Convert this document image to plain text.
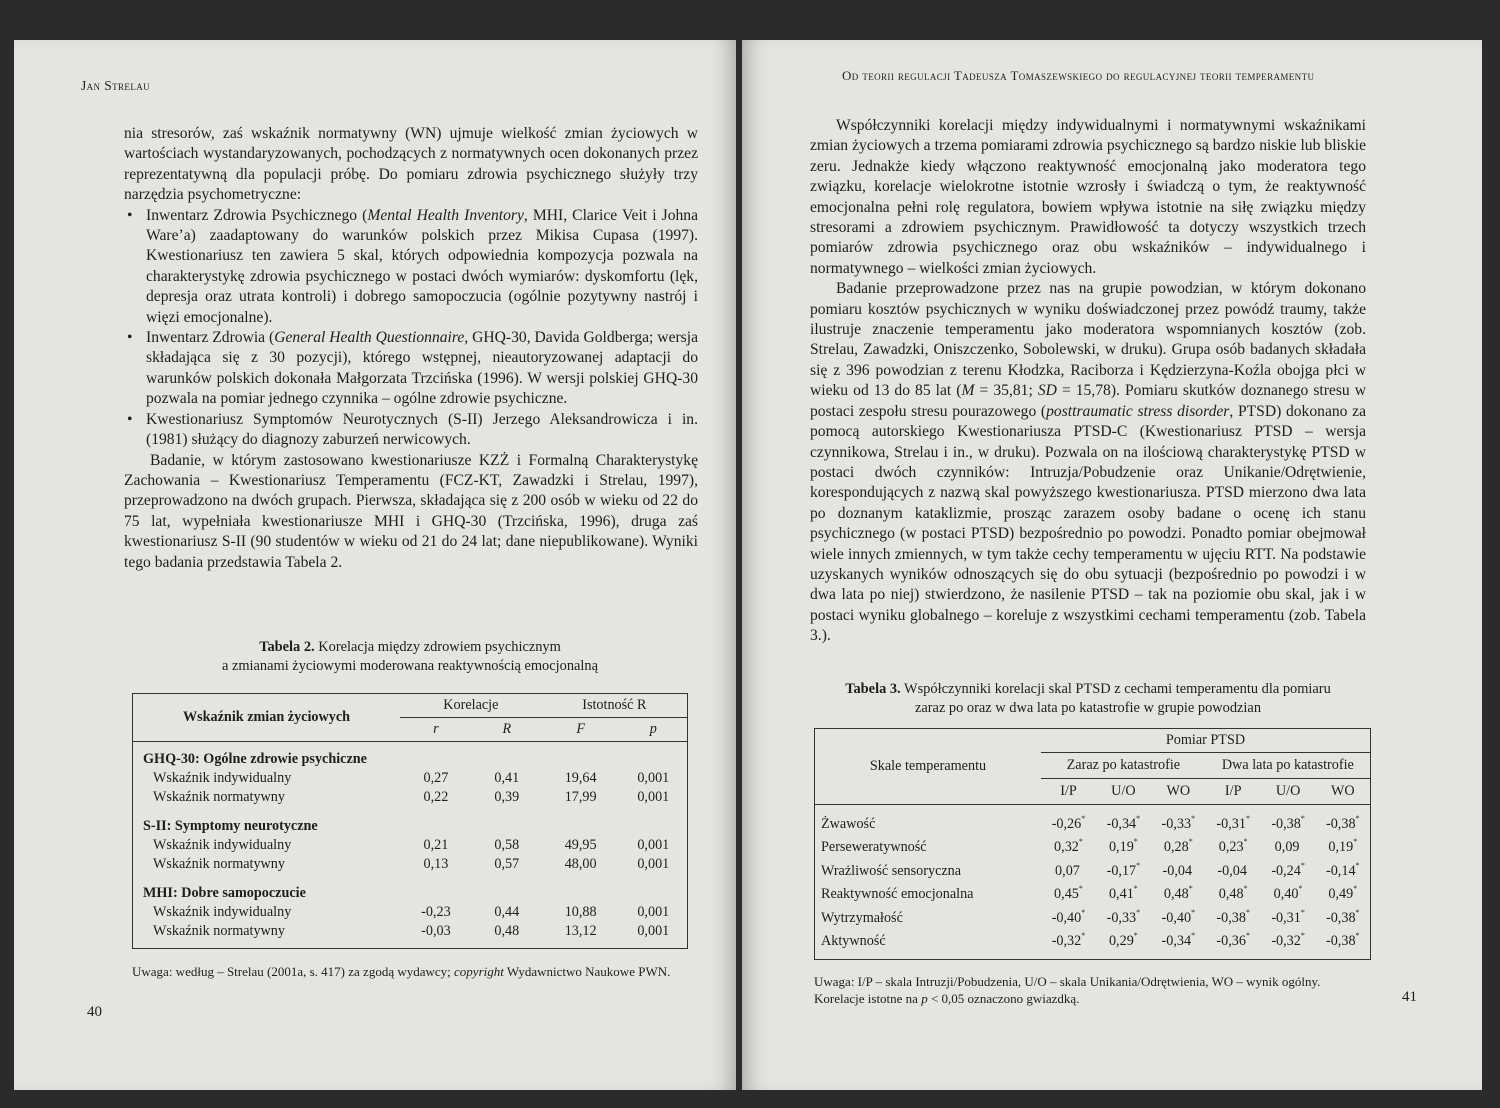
Jan Strelau

nia stresorów, zaś wskaźnik normatywny (WN) ujmuje wielkość zmian życiowych w wartościach wystandaryzowanych, pochodzących z normatywnych ocen dokonanych przez reprezentatywną dla populacji próbę. Do pomiaru zdrowia psychicznego służyły trzy narzędzia psychometryczne:

• Inwentarz Zdrowia Psychicznego (Mental Health Inventory, MHI, Clarice Veit i Johna Ware’a) zaadaptowany do warunków polskich przez Mikisa Cupasa (1997). Kwestionariusz ten zawiera 5 skal, których odpowiednia kompozycja pozwala na charakterystykę zdrowia psychicznego w postaci dwóch wymiarów: dyskomfortu (lęk, depresja oraz utrata kontroli) i dobrego samopoczucia (ogólnie pozytywny nastrój i więzi emocjonalne).
• Inwentarz Zdrowia (General Health Questionnaire, GHQ-30, Davida Goldberga; wersja składająca się z 30 pozycji), którego wstępnej, nieautoryzowanej adaptacji do warunków polskich dokonała Małgorzata Trzcińska (1996). W wersji polskiej GHQ-30 pozwala na pomiar jednego czynnika – ogólne zdrowie psychiczne.
• Kwestionariusz Symptomów Neurotycznych (S-II) Jerzego Aleksandrowicza i in. (1981) służący do diagnozy zaburzeń nerwicowych.

Badanie, w którym zastosowano kwestionariusze KZŻ i Formalną Charakterystykę Zachowania – Kwestionariusz Temperamentu (FCZ-KT, Zawadzki i Strelau, 1997), przeprowadzono na dwóch grupach. Pierwsza, składająca się z 200 osób w wieku od 22 do 75 lat, wypełniała kwestionariusze MHI i GHQ-30 (Trzcińska, 1996), druga zaś kwestionariusz S-II (90 studentów w wieku od 21 do 24 lat; dane niepublikowane). Wyniki tego badania przedstawia Tabela 2.

Tabela 2. Korelacja między zdrowiem psychicznym
a zmianami życiowymi moderowana reaktywnością emocjonalną
Wskaźnik zmian życiowych	Korelacje		Istotność R	
	r	R	F	p

GHQ-30: Ogólne zdrowie psychiczne				
Wskaźnik indywidualny	0,27	0,41	19,64	0,001
Wskaźnik normatywny	0,22	0,39	17,99	0,001

S-II: Symptomy neurotyczne				
Wskaźnik indywidualny	0,21	0,58	49,95	0,001
Wskaźnik normatywny	0,13	0,57	48,00	0,001

MHI: Dobre samopoczucie				
Wskaźnik indywidualny	-0,23	0,44	10,88	0,001
Wskaźnik normatywny	-0,03	0,48	13,12	0,001

Uwaga: według – Strelau (2001a, s. 417) za zgodą wydawcy; copyright Wydawnictwo Naukowe PWN.
40
Od teorii regulacji Tadeusza Tomaszewskiego do regulacyjnej teorii temperamentu

Współczynniki korelacji między indywidualnymi i normatywnymi wskaźnikami zmian życiowych a trzema pomiarami zdrowia psychicznego są bardzo niskie lub bliskie zeru. Jednakże kiedy włączono reaktywność emocjonalną jako moderatora tego związku, korelacje wielokrotne istotnie wzrosły i świadczą o tym, że reaktywność emocjonalna pełni rolę regulatora, bowiem wpływa istotnie na siłę związku między stresorami a zdrowiem psychicznym. Prawidłowość ta dotyczy wszystkich trzech pomiarów zdrowia psychicznego oraz obu wskaźników – indywidualnego i normatywnego – wielkości zmian życiowych.

Badanie przeprowadzone przez nas na grupie powodzian, w którym dokonano pomiaru kosztów psychicznych w wyniku doświadczonej przez powódź traumy, także ilustruje znaczenie temperamentu jako moderatora wspomnianych kosztów (zob. Strelau, Zawadzki, Oniszczenko, Sobolewski, w druku). Grupa osób badanych składała się z 396 powodzian z terenu Kłodzka, Raciborza i Kędzierzyna-Koźla obojga płci w wieku od 13 do 85 lat (M = 35,81; SD = 15,78). Pomiaru skutków doznanego stresu w postaci zespołu stresu pourazowego (posttraumatic stress disorder, PTSD) dokonano za pomocą autorskiego Kwestionariusza PTSD-C (Kwestionariusz PTSD – wersja czynnikowa, Strelau i in., w druku). Pozwala on na ilościową charakterystykę PTSD w postaci dwóch czynników: Intruzja/Pobudzenie oraz Unikanie/Odrętwienie, korespondujących z nazwą skal powyższego kwestionariusza. PTSD mierzono dwa lata po doznanym kataklizmie, prosząc zarazem osoby badane o ocenę ich stanu psychicznego (w postaci PTSD) bezpośrednio po powodzi. Ponadto pomiar obejmował wiele innych zmiennych, w tym także cechy temperamentu w ujęciu RTT. Na podstawie uzyskanych wyników odnoszących się do obu sytuacji (bezpośrednio po powodzi i w dwa lata po niej) stwierdzono, że nasilenie PTSD – tak na poziomie obu skal, jak i w postaci wyniku globalnego – koreluje z wszystkimi cechami temperamentu (zob. Tabela 3.).

Tabela 3. Współczynniki korelacji skal PTSD z cechami temperamentu dla pomiaru
zaraz po oraz w dwa lata po katastrofie w grupie powodzian
Skale temperamentu	Pomiar PTSD					
	Zaraz po katastrofie			Dwa lata po katastrofie		
	I/P	U/O	WO	I/P	U/O	WO

Żwawość	-0,26*	-0,34*	-0,33*	-0,31*	-0,38*	-0,38*
Perseweratywność	0,32*	0,19*	0,28*	0,23*	0,09	0,19*
Wrażliwość sensoryczna	0,07	-0,17*	-0,04	-0,04	-0,24*	-0,14*
Reaktywność emocjonalna	0,45*	0,41*	0,48*	0,48*	0,40*	0,49*
Wytrzymałość	-0,40*	-0,33*	-0,40*	-0,38*	-0,31*	-0,38*
Aktywność	-0,32*	0,29*	-0,34*	-0,36*	-0,32*	-0,38*

Uwaga: I/P – skala Intruzji/Pobudzenia, U/O – skala Unikania/Odrętwienia, WO – wynik ogólny.
Korelacje istotne na p < 0,05 oznaczono gwiazdką.	41
